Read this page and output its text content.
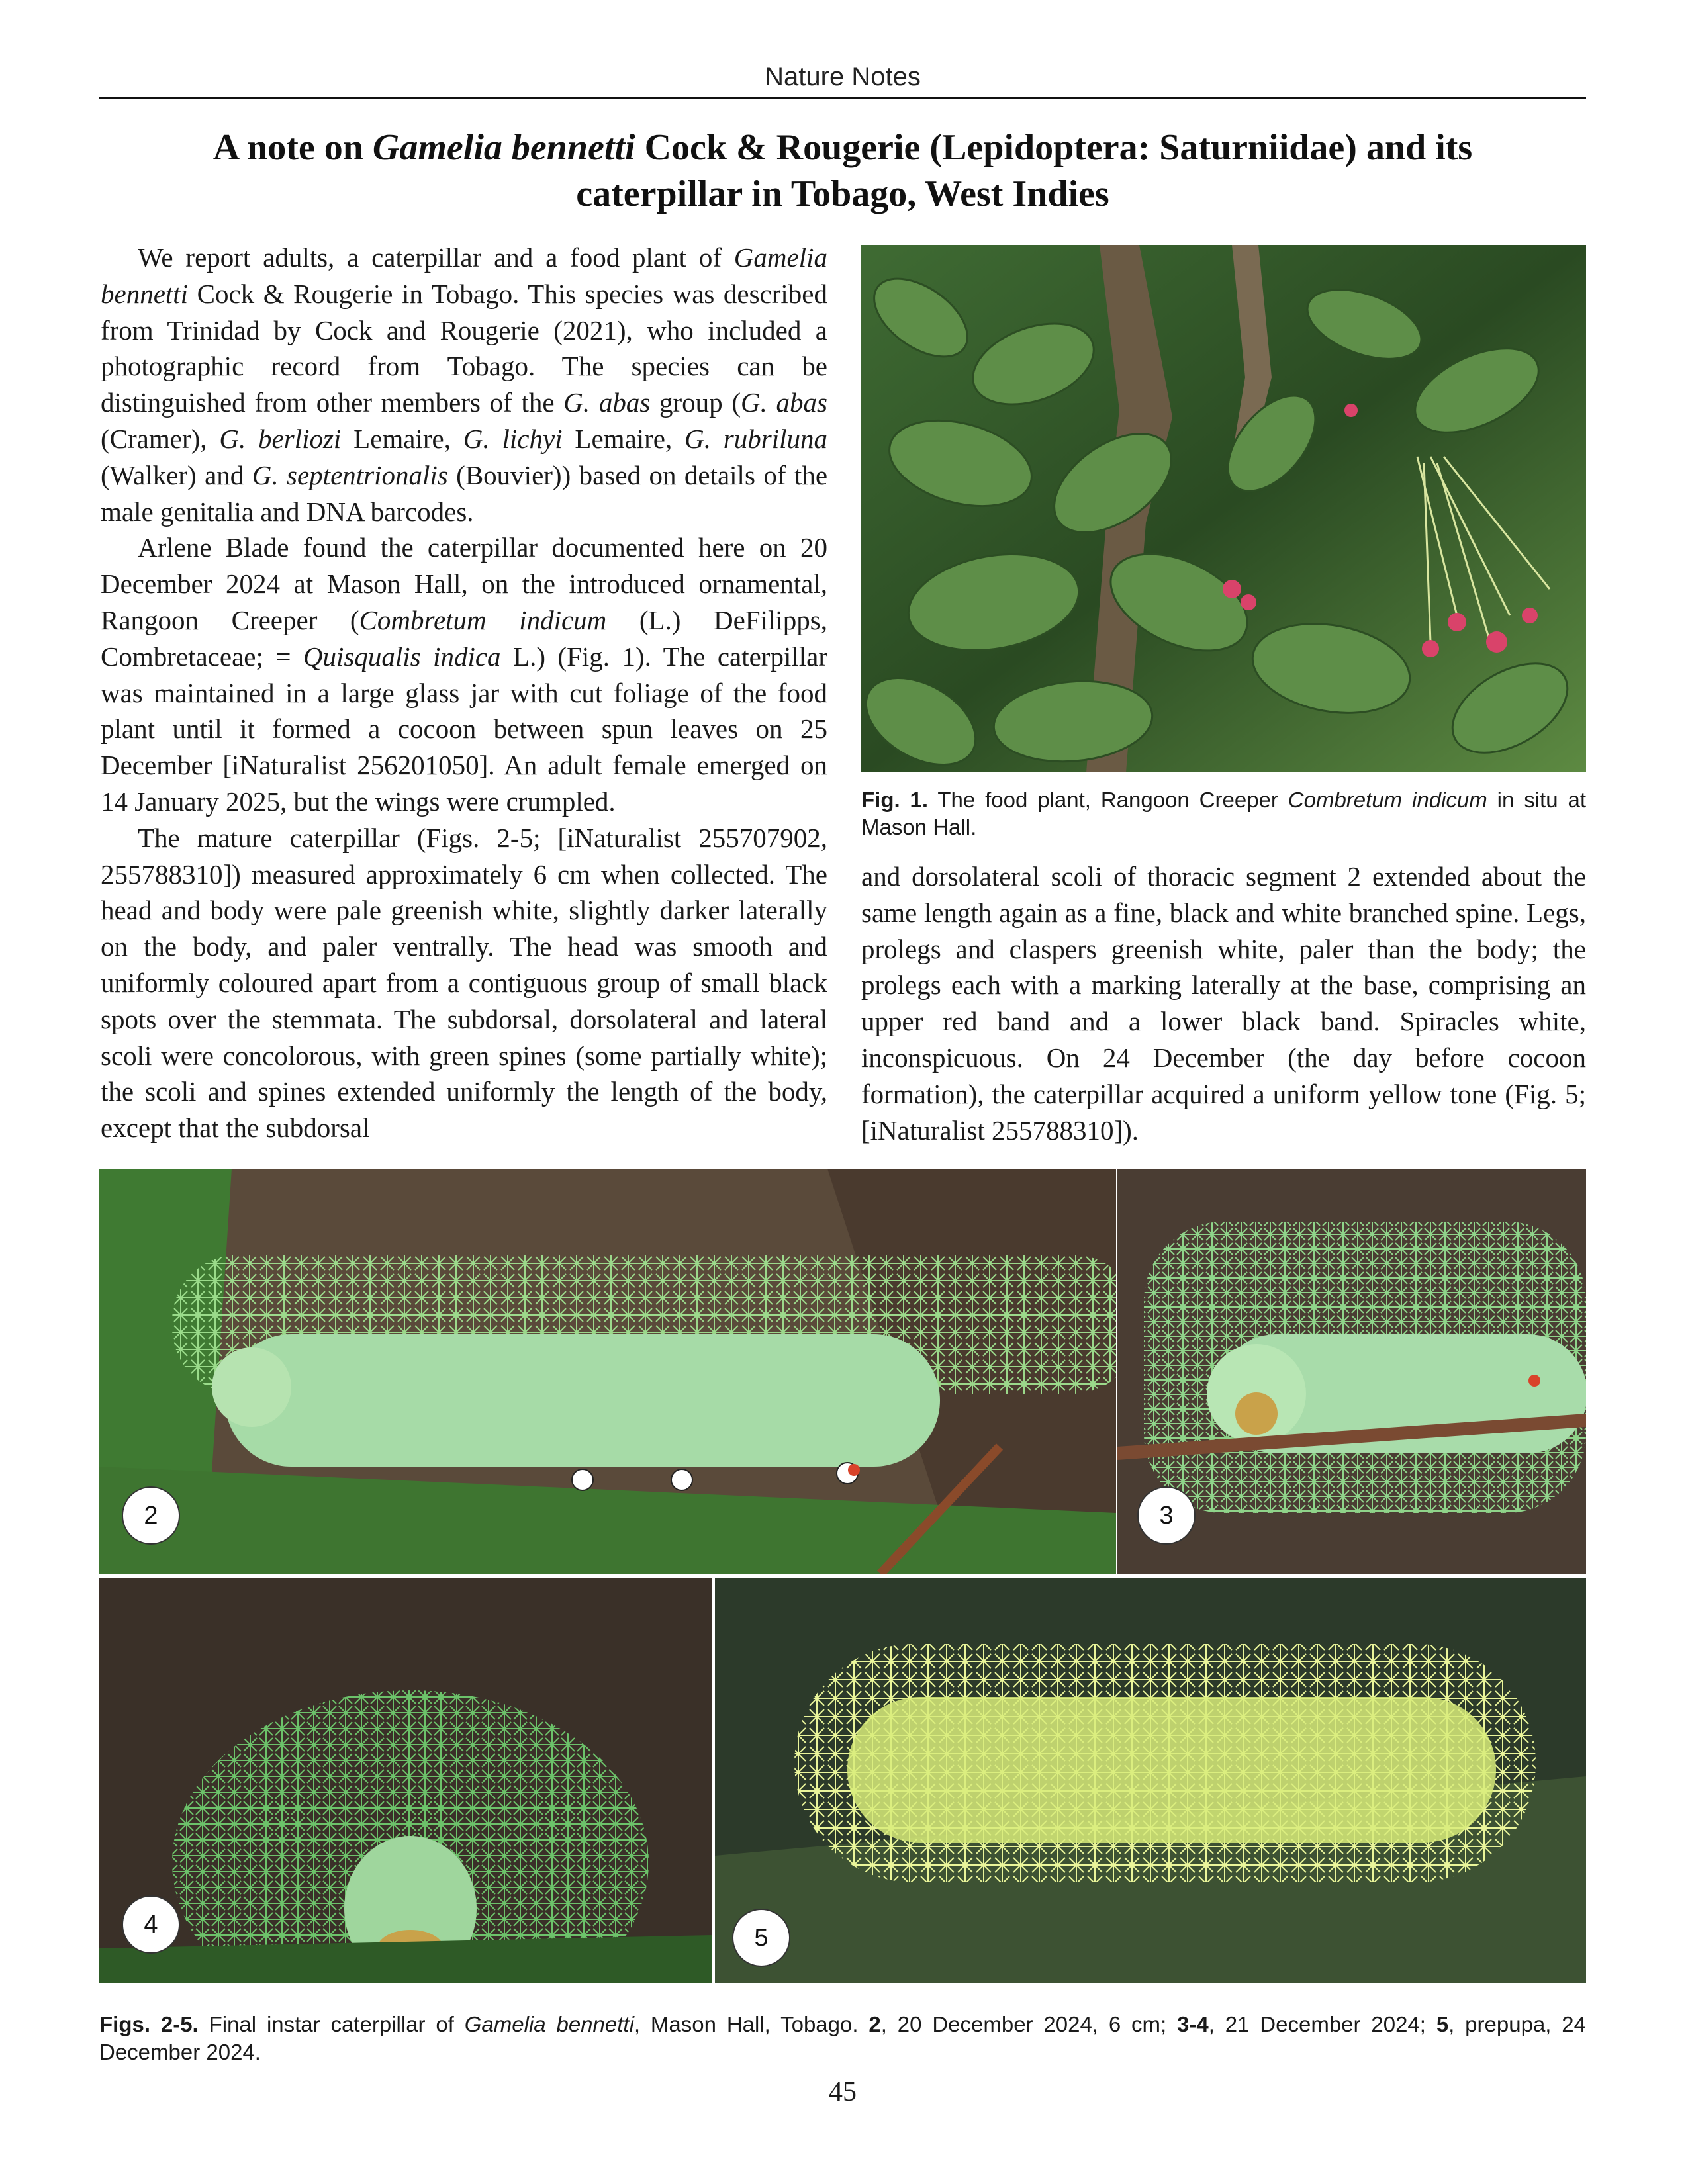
Nature Notes
A note on Gamelia bennetti Cock & Rougerie (Lepidoptera: Saturniidae) and its
caterpillar in Tobago, West Indies

We report adults, a caterpillar and a food plant of Gamelia bennetti Cock & Rougerie in Tobago. This species was described from Trinidad by Cock and Rougerie (2021), who included a photographic record from Tobago. The species can be distinguished from other members of the G. abas group (G. abas (Cramer), G. berliozi Lemaire, G. lichyi Lemaire, G. rubriluna (Walker) and G. septentrionalis (Bouvier)) based on details of the male genitalia and DNA barcodes.

Arlene Blade found the caterpillar documented here on 20 December 2024 at Mason Hall, on the introduced ornamental, Rangoon Creeper (Combretum indicum (L.) DeFilipps, Combretaceae; = Quisqualis indica L.) (Fig. 1). The caterpillar was maintained in a large glass jar with cut foliage of the food plant until it formed a cocoon between spun leaves on 25 December [iNaturalist 256201050]. An adult female emerged on 14 January 2025, but the wings were crumpled.

The mature caterpillar (Figs. 2-5; [iNaturalist 255707902, 255788310]) measured approximately 6 cm when collected. The head and body were pale greenish white, slightly darker laterally on the body, and paler ventrally. The head was smooth and uniformly coloured apart from a contiguous group of small black spots over the stemmata. The subdorsal, dorsolateral and lateral scoli were concolorous, with green spines (some partially white); the scoli and spines extended uniformly the length of the body, except that the subdorsal

Fig. 1. The food plant, Rangoon Creeper Combretum indicum in situ at Mason Hall.

and dorsolateral scoli of thoracic segment 2 extended about the same length again as a fine, black and white branched spine. Legs, prolegs and claspers greenish white, paler than the body; the prolegs each with a marking laterally at the base, comprising an upper red band and a lower black band. Spiracles white, inconspicuous. On 24 December (the day before cocoon formation), the caterpillar acquired a uniform yellow tone (Fig. 5; [iNaturalist 255788310]).

2	3
4	5
Figs. 2-5. Final instar caterpillar of Gamelia bennetti, Mason Hall, Tobago. 2, 20 December 2024, 6 cm; 3-4, 21 December 2024; 5, prepupa, 24 December 2024.
45
